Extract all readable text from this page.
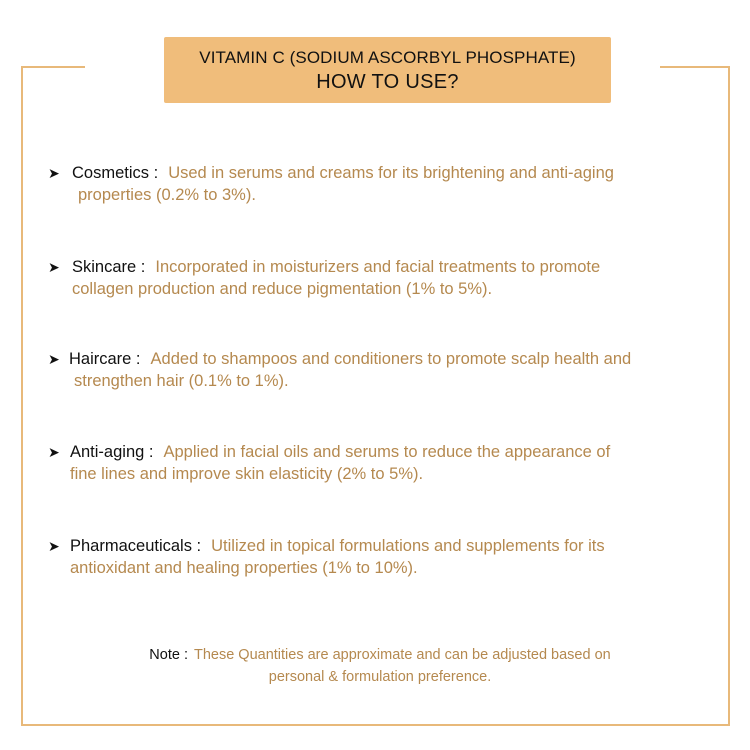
VITAMIN C (SODIUM ASCORBYL PHOSPHATE)
HOW TO USE?
➤ Cosmetics : Used in serums and creams for its brightening and anti-aging
properties (0.2% to 3%).
➤ Skincare : Incorporated in moisturizers and facial treatments to promote
collagen production and reduce pigmentation (1% to 5%).
➤ Haircare : Added to shampoos and conditioners to promote scalp health and
strengthen hair (0.1% to 1%).
➤ Anti-aging : Applied in facial oils and serums to reduce the appearance of
fine lines and improve skin elasticity (2% to 5%).
➤ Pharmaceuticals : Utilized in topical formulations and supplements for its
antioxidant and healing properties (1% to 10%).
Note : These Quantities are approximate and can be adjusted based on
personal & formulation preference.
